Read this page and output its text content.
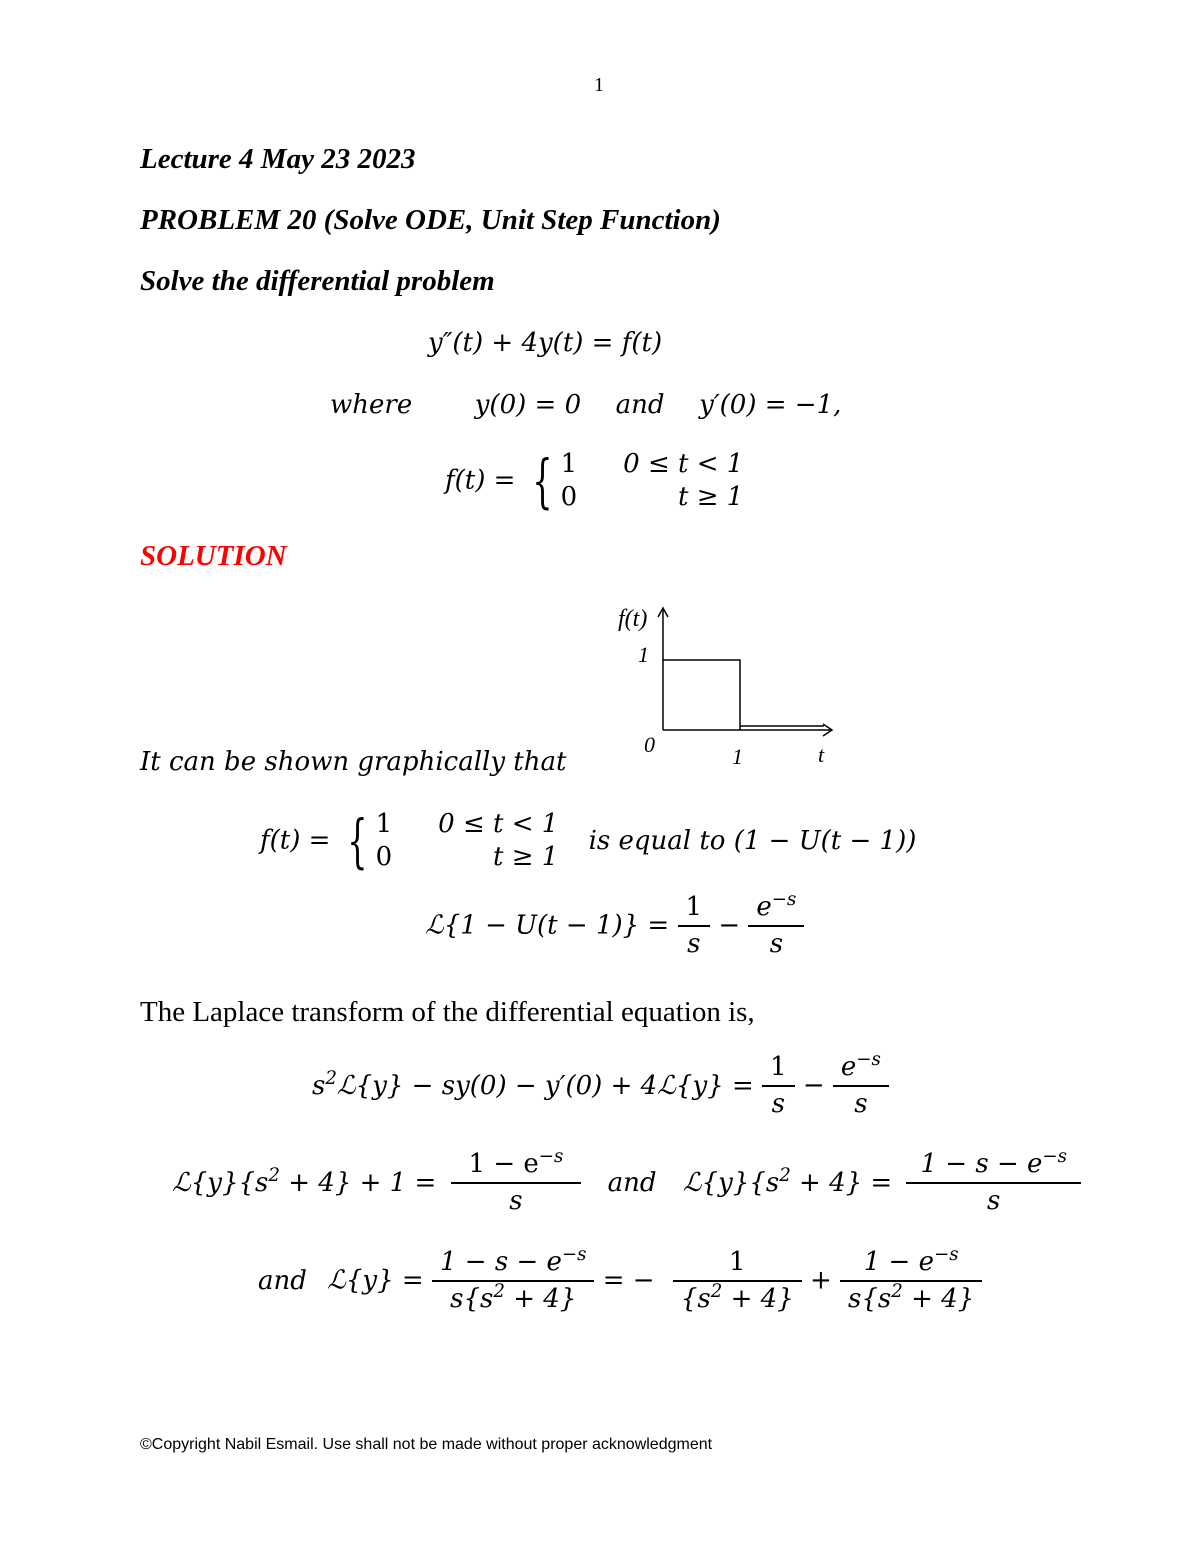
1
Lecture 4 May 23 2023
PROBLEM 20 (Solve ODE, Unit Step Function)
Solve the differential problem
y″(t) + 4y(t) = f(t)
where y(0) = 0 and y′(0) = −1,
f(t) = { 1	0 ≤ t < 1
0	t ≥ 1
SOLUTION
f(t)
1
0	1	t
It can be shown graphically that
f(t) = { 1	0 ≤ t < 1
0	t ≥ 1
is equal to (1 − U(t − 1))
ℒ{1 − $U(t - 1)\} = \frac{1}{s} - \frac{e^{-s}}{s}$
The Laplace transform of the differential equation is,
$s^2ℒ\{y\} - sy(0) - y'(0)$ + 4ℒ{y} = $\frac{1}{s} - \frac{e^{-s}}{s}$
$ℒ\{y\}\{s^2 + 4\} + 1 = \frac{1 - e^{-s}}{s}$ and $ℒ\{y\}\{s^2 + 4\} = \frac{1 - s - e^{-s}}{s}$
and ℒ{y} = $\frac{1 - s - e^{-s}}{s\{s^2 + 4\}}$ = − $\frac{1}{\{s^2 + 4\}} + \frac{1 - e^{-s}}{s\{s^2 + 4\}}$
©Copyright Nabil Esmail. Use shall not be made without proper acknowledgment
